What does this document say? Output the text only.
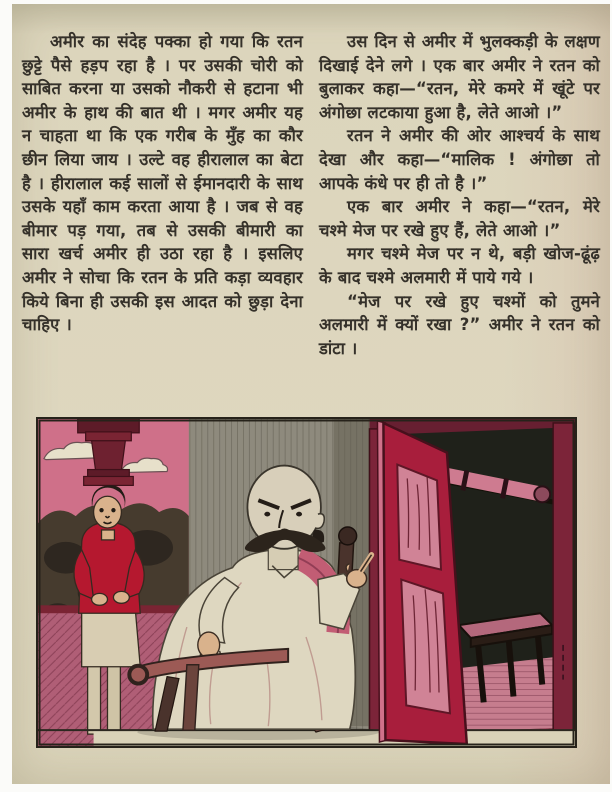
अमीर का संदेह पक्का हो गया कि रतन छुट्टे पैसे हड़प रहा है । पर उसकी चोरी को साबित करना या उसको नौकरी से हटाना भी अमीर के हाथ की बात थी । मगर अमीर यह न चाहता था कि एक गरीब के मुँह का कौर छीन लिया जाय । उल्टे वह हीरालाल का बेटा है । हीरालाल कई सालों से ईमानदारी के साथ उसके यहाँ काम करता आया है । जब से वह बीमार पड़ गया, तब से उसकी बीमारी का सारा खर्च अमीर ही उठा रहा है । इसलिए अमीर ने सोचा कि रतन के प्रति कड़ा व्यवहार किये बिना ही उसकी इस आदत को छुड़ा देना चाहिए ।

उस दिन से अमीर में भुलक्कड़ी के लक्षण दिखाई देने लगे । एक बार अमीर ने रतन को बुलाकर कहा—“रतन, मेरे कमरे में खूंटे पर अंगोछा लटकाया हुआ है, लेते आओ ।”

रतन ने अमीर की ओर आश्चर्य के साथ देखा और कहा—“मालिक ! अंगोछा तो आपके कंधे पर ही तो है ।”

एक बार अमीर ने कहा—“रतन, मेरे चश्मे मेज पर रखे हुए हैं, लेते आओ ।”

मगर चश्मे मेज पर न थे, बड़ी खोज-ढूंढ़ के बाद चश्मे अलमारी में पाये गये ।

“मेज पर रखे हुए चश्मों को तुमने अलमारी में क्यों रखा ?” अमीर ने रतन को डांटा ।
